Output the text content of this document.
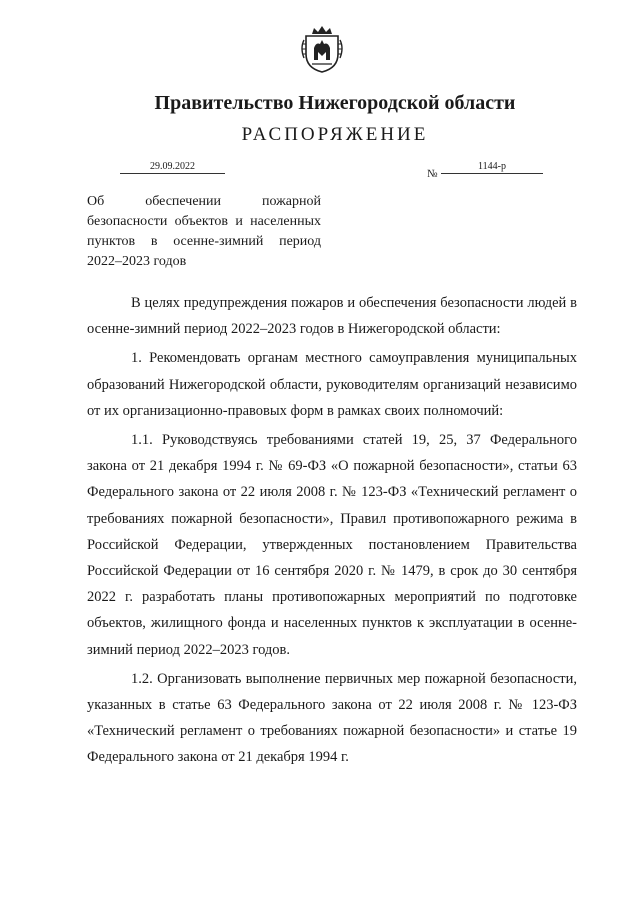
Правительство Нижегородской области
РАСПОРЯЖЕНИЕ
29.09.2022
№
1144-р
Об обеспечении пожарной безопасности объектов и населенных пунктов в осенне-зимний период 2022–2023 годов

В целях предупреждения пожаров и обеспечения безопасности людей в осенне-зимний период 2022–2023 годов в Нижегородской области:

1. Рекомендовать органам местного самоуправления муниципальных образований Нижегородской области, руководителям организаций независимо от их организационно-правовых форм в рамках своих полномочий:

1.1. Руководствуясь требованиями статей 19, 25, 37 Федерального закона от 21 декабря 1994 г. № 69-ФЗ «О пожарной безопасности», статьи 63 Федерального закона от 22 июля 2008 г. № 123-ФЗ «Технический регламент о требованиях пожарной безопасности», Правил противопожарного режима в Российской Федерации, утвержденных постановлением Правительства Российской Федерации от 16 сентября 2020 г. № 1479, в срок до 30 сентября 2022 г. разработать планы противопожарных мероприятий по подготовке объектов, жилищного фонда и населенных пунктов к эксплуатации в осенне-зимний период 2022–2023 годов.

1.2. Организовать выполнение первичных мер пожарной безопасности, указанных в статье 63 Федерального закона от 22 июля 2008 г. № 123-ФЗ «Технический регламент о требованиях пожарной безопасности» и статье 19 Федерального закона от 21 декабря 1994 г.
